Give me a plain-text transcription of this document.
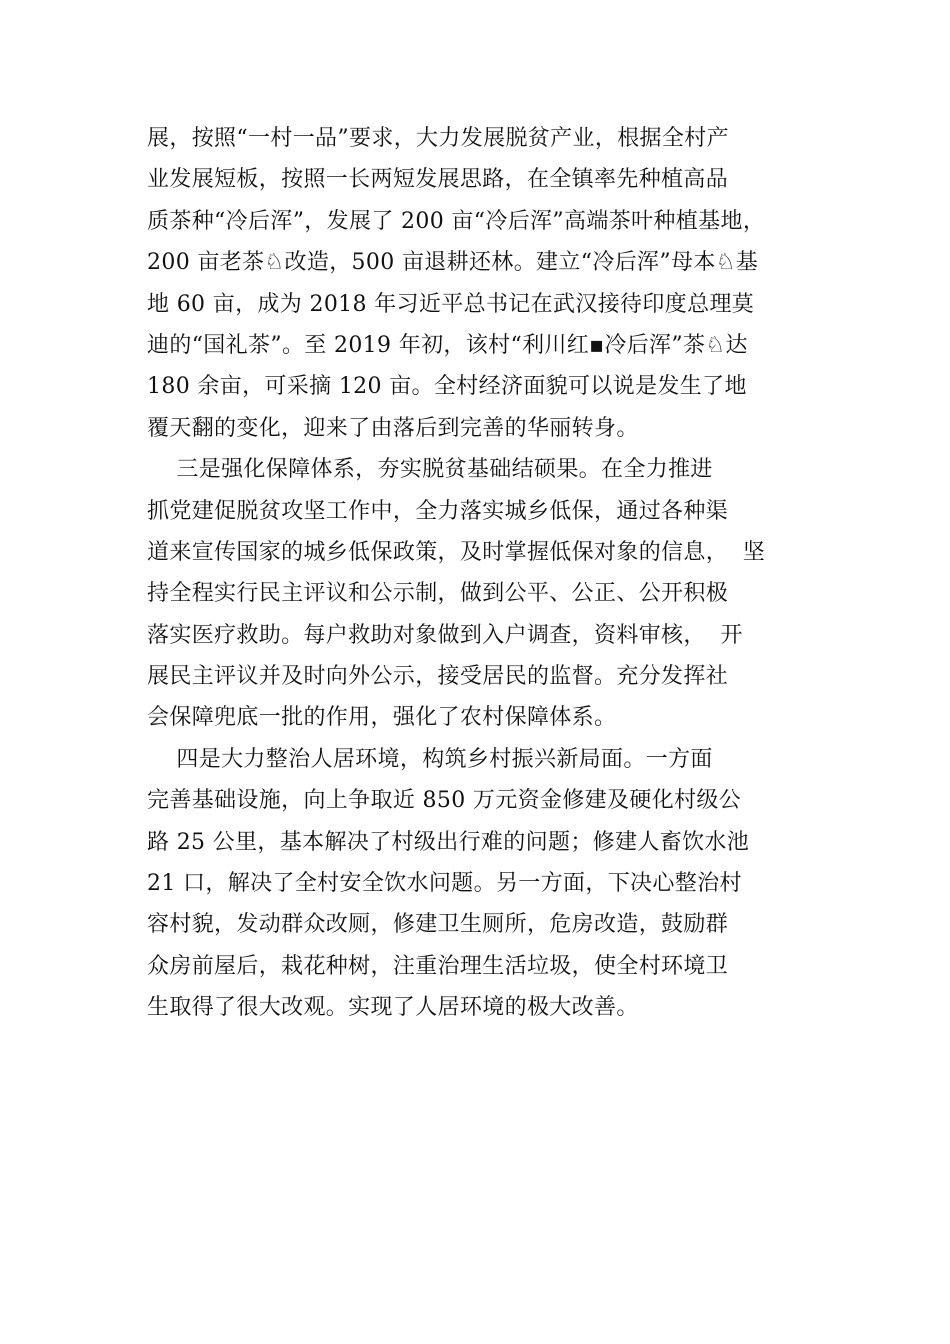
展，按照“一村一品”要求，大力发展脱贫产业，根据全村产
业发展短板，按照一长两短发展思路，在全镇率先种植高品
质茶种“冷后浑”，发展了 200 亩“冷后浑”高端茶叶种植基地，
200 亩老茶♘改造，500 亩退耕还林。建立“冷后浑”母本♘基
地 60 亩，成为 2018 年习近平总书记在武汉接待印度总理莫
迪的“国礼茶”。至 2019 年初，该村“利川红▪冷后浑”茶♘达
180 余亩，可采摘 120 亩。全村经济面貌可以说是发生了地
覆天翻的变化，迎来了由落后到完善的华丽转身。
三是强化保障体系，夯实脱贫基础结硕果。在全力推进
抓党建促脱贫攻坚工作中，全力落实城乡低保，通过各种渠
道来宣传国家的城乡低保政策，及时掌握低保对象的信息，  坚
持全程实行民主评议和公示制，做到公平、公正、公开积极
落实医疗救助。每户救助对象做到入户调查，资料审核，  开
展民主评议并及时向外公示，接受居民的监督。充分发挥社
会保障兜底一批的作用，强化了农村保障体系。
四是大力整治人居环境，构筑乡村振兴新局面。一方面
完善基础设施，向上争取近 850 万元资金修建及硬化村级公
路 25 公里，基本解决了村级出行难的问题；修建人畜饮水池
21 口，解决了全村安全饮水问题。另一方面，下决心整治村
容村貌，发动群众改厕，修建卫生厕所，危房改造，鼓励群
众房前屋后，栽花种树，注重治理生活垃圾，使全村环境卫
生取得了很大改观。实现了人居环境的极大改善。
